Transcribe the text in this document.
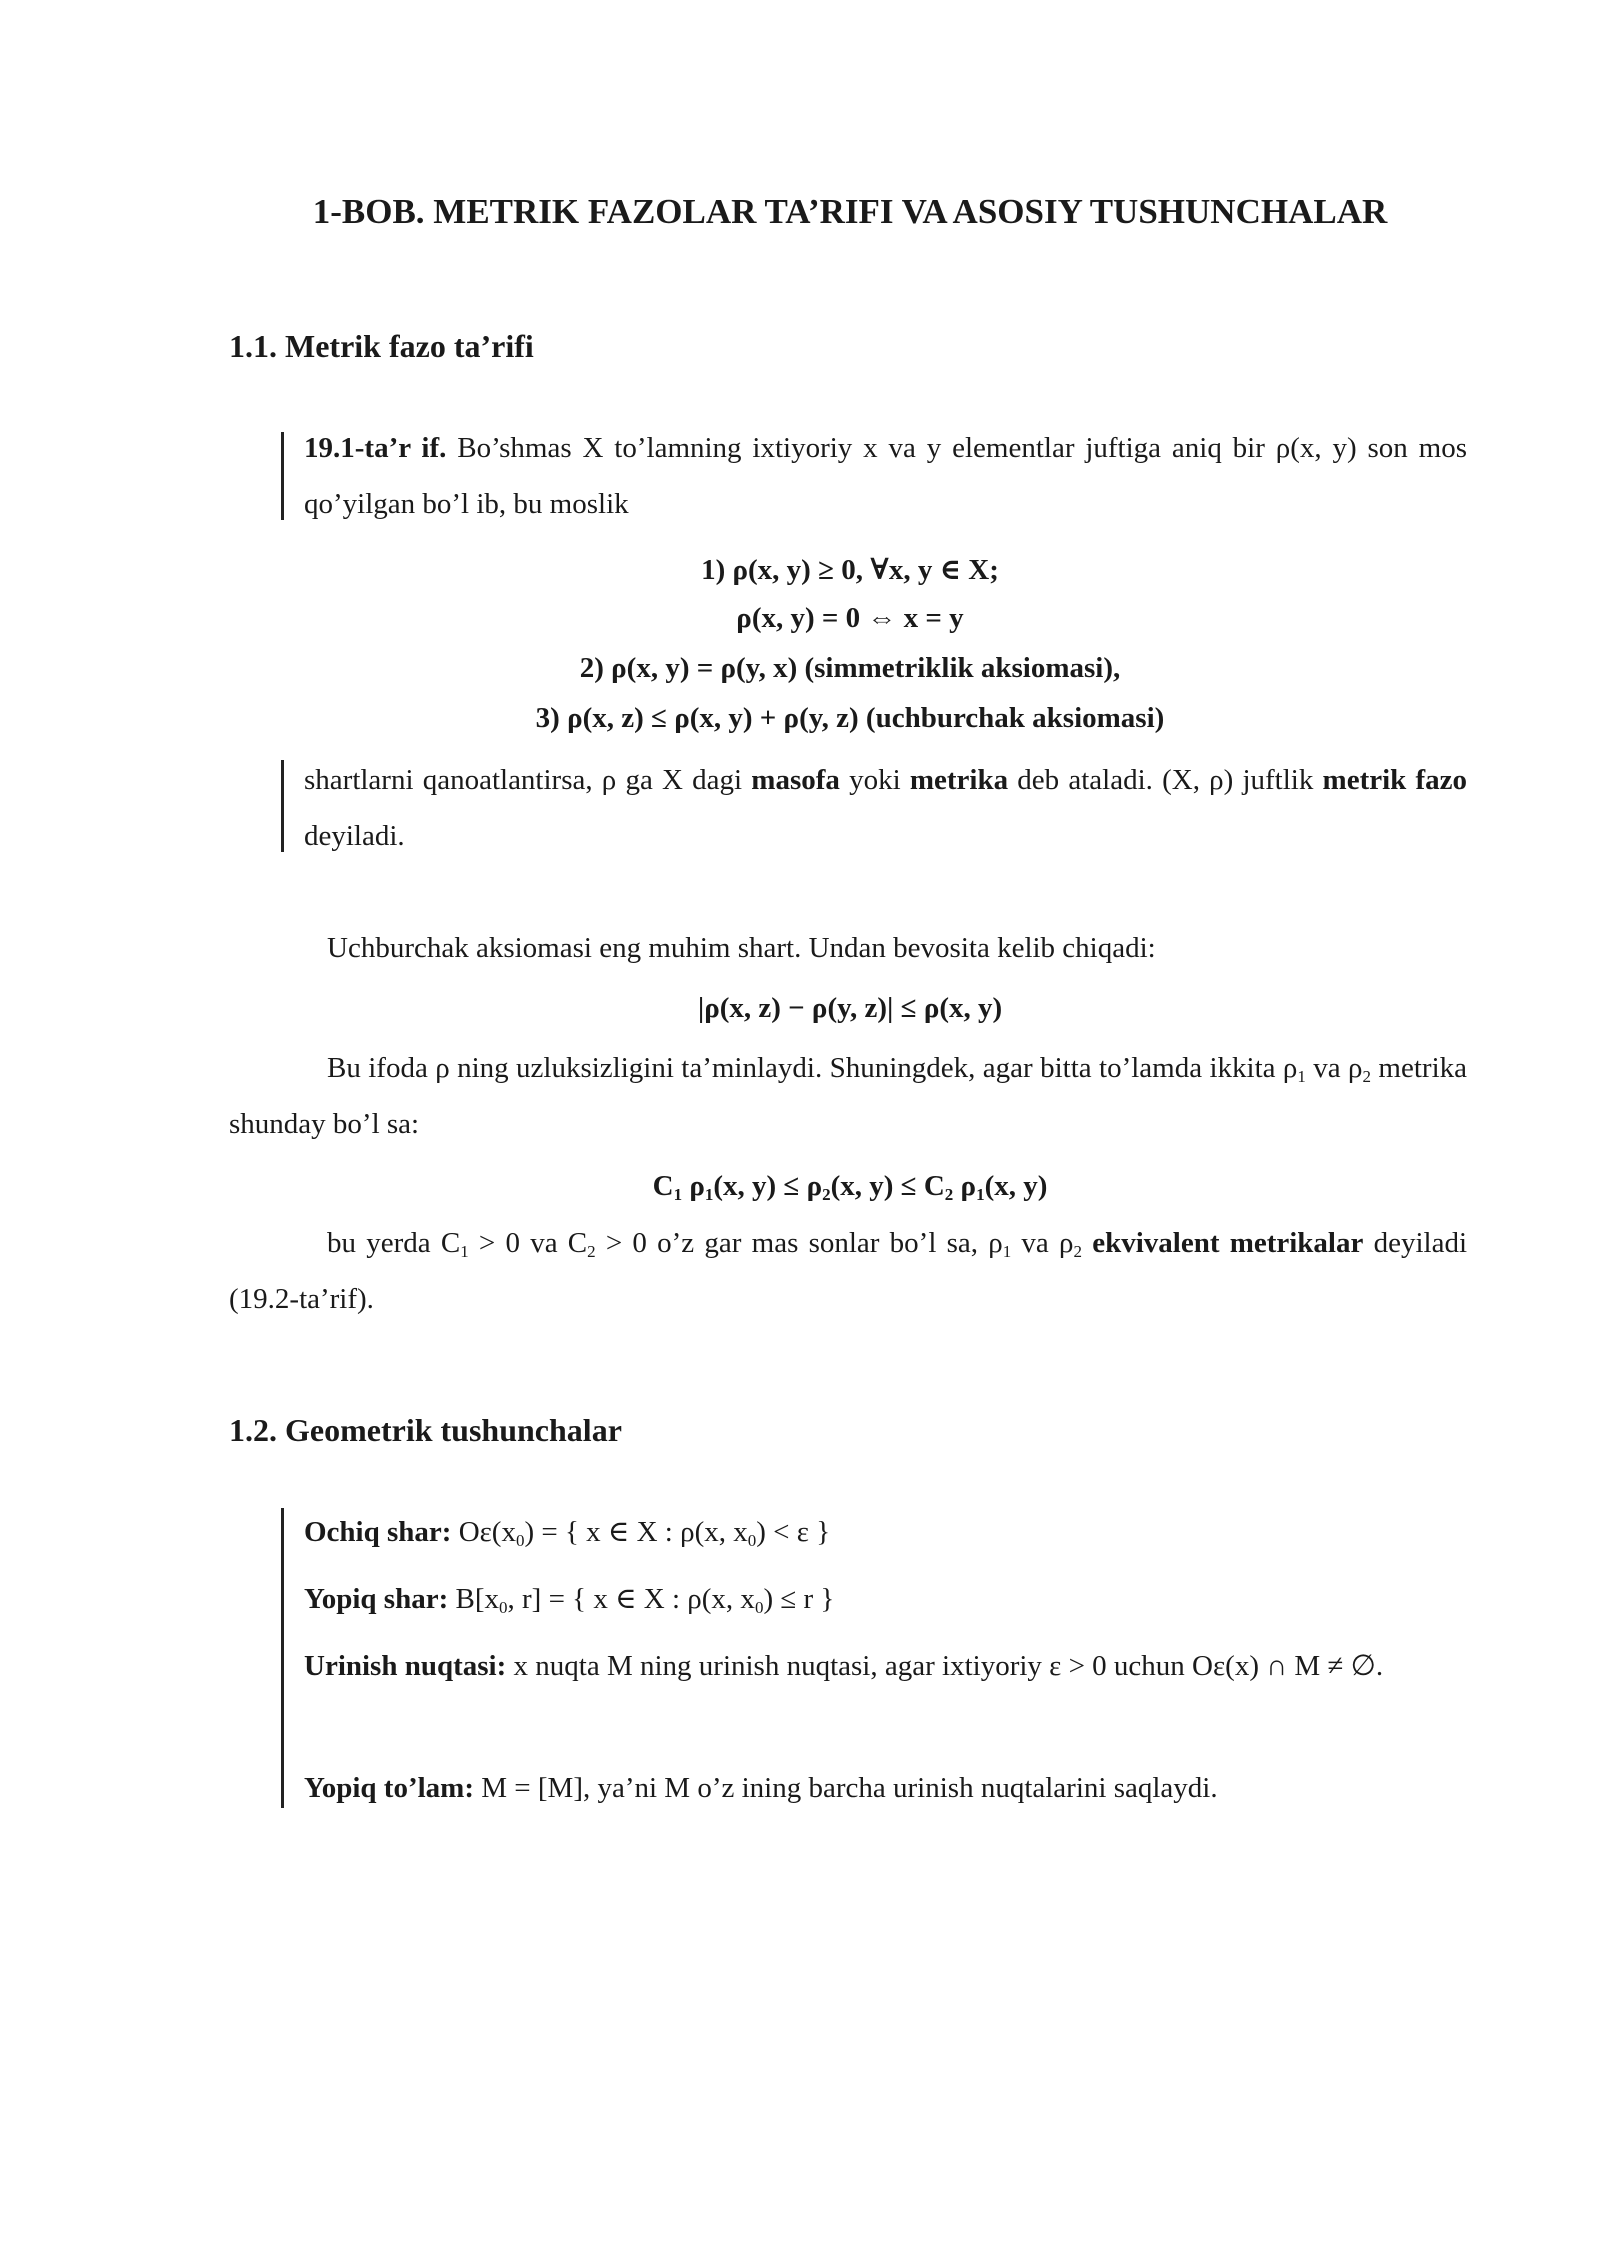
1-BOB. METRIK FAZOLAR TA’RIFI VA ASOSIY TUSHUNCHALAR
1.1. Metrik fazo ta’rifi
19.1-ta’r if. Bo’shmas X to’lamning ixtiyoriy x va y elementlar juftiga aniq bir ρ(x, y) son mos qo’yilgan bo’l ib, bu moslik
1) ρ(x, y) ≥ 0, ∀x, y ∈ X;
ρ(x, y) = 0 ⇔ x = y
2) ρ(x, y) = ρ(y, x) (simmetriklik aksiomasi),
3) ρ(x, z) ≤ ρ(x, y) + ρ(y, z) (uchburchak aksiomasi)
shartlarni qanoatlantirsa, ρ ga X dagi masofa yoki metrika deb ataladi. (X, ρ) juftlik metrik fazo deyiladi.
Uchburchak aksiomasi eng muhim shart. Undan bevosita kelib chiqadi:
|ρ(x, z) − ρ(y, z)| ≤ ρ(x, y)
Bu ifoda ρ ning uzluksizligini ta’minlaydi. Shuningdek, agar bitta to’lamda ikkita $\rho_1$ va $\rho_2$ metrika shunday bo’l sa:
$C_1$ $\rho_1(x$, $y) \le \rho_2(x$, $y) \le C_2$ $\rho_1(x$, y)
bu yerda $C_1 > 0$ va $C_2 > 0$ o’z gar mas sonlar bo’l sa, $\rho_1$ va $\rho_2$ ekvivalent metrikalar deyiladi (19.2-ta’rif).
1.2. Geometrik tushunchalar
Ochiq shar: $O\varepsilon(x_0)$ = { x ∈ X : ρ(x, $x_0) < \varepsilon$ }
Yopiq shar: $B[x_0$, r] = { x ∈ X : ρ(x, $x_0) \le r$ }
Urinish nuqtasi: x nuqta M ning urinish nuqtasi, agar ixtiyoriy ε > 0 uchun Oε(x) ∩ M ≠ ∅.
Yopiq to’lam: M = [M], ya’ni M o’z ining barcha urinish nuqtalarini saqlaydi.
